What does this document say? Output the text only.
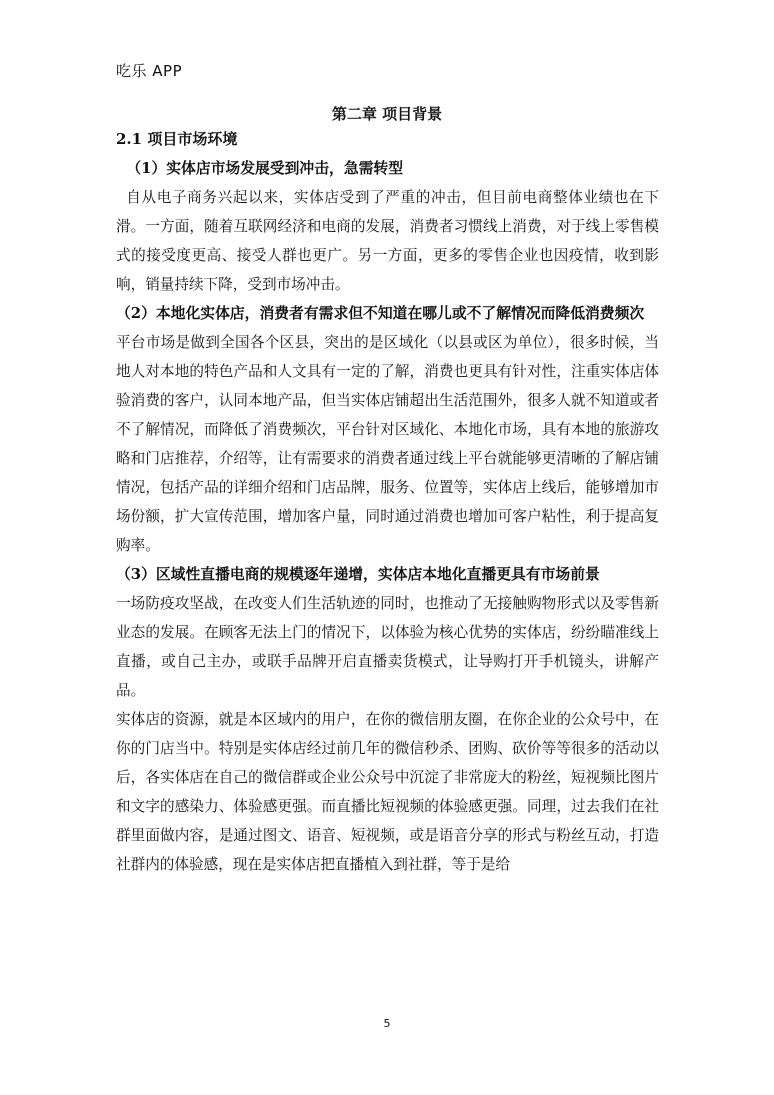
吃乐 APP
第二章 项目背景
2.1 项目市场环境

（1）实体店市场发展受到冲击，急需转型

自从电子商务兴起以来，实体店受到了严重的冲击，但目前电商整体业绩也在下滑。一方面，随着互联网经济和电商的发展，消费者习惯线上消费，对于线上零售模式的接受度更高、接受人群也更广。另一方面，更多的零售企业也因疫情，收到影响，销量持续下降，受到市场冲击。

（2）本地化实体店，消费者有需求但不知道在哪儿或不了解情况而降低消费频次

平台市场是做到全国各个区县，突出的是区域化（以县或区为单位），很多时候，当地人对本地的特色产品和人文具有一定的了解，消费也更具有针对性，注重实体店体验消费的客户，认同本地产品，但当实体店铺超出生活范围外，很多人就不知道或者不了解情况，而降低了消费频次，平台针对区域化、本地化市场，具有本地的旅游攻略和门店推荐，介绍等，让有需要求的消费者通过线上平台就能够更清晰的了解店铺情况，包括产品的详细介绍和门店品牌，服务、位置等，实体店上线后，能够增加市场份额，扩大宣传范围，增加客户量，同时通过消费也增加可客户粘性，利于提高复购率。

（3）区域性直播电商的规模逐年递增，实体店本地化直播更具有市场前景

一场防疫攻坚战，在改变人们生活轨迹的同时，也推动了无接触购物形式以及零售新业态的发展。在顾客无法上门的情况下，以体验为核心优势的实体店，纷纷瞄准线上直播，或自己主办，或联手品牌开启直播卖货模式，让导购打开手机镜头，讲解产品。

实体店的资源，就是本区域内的用户，在你的微信朋友圈，在你企业的公众号中，在你的门店当中。特别是实体店经过前几年的微信秒杀、团购、砍价等等很多的活动以后，各实体店在自己的微信群或企业公众号中沉淀了非常庞大的粉丝，短视频比图片和文字的感染力、体验感更强。而直播比短视频的体验感更强。同理，过去我们在社群里面做内容，是通过图文、语音、短视频，或是语音分享的形式与粉丝互动，打造社群内的体验感，现在是实体店把直播植入到社群，等于是给

5
